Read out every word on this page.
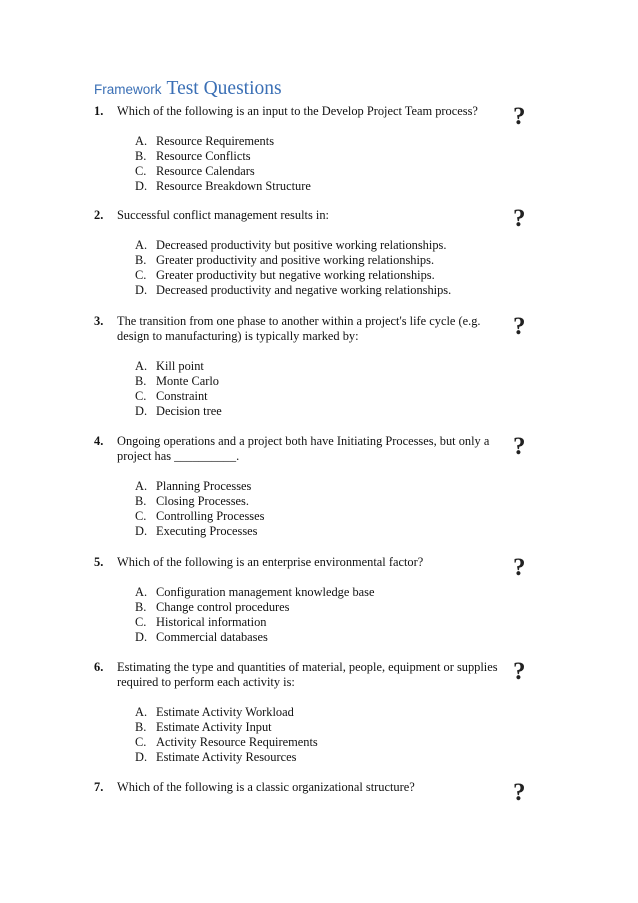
Framework Test Questions
1. Which of the following is an input to the Develop Project Team process?	?
A. Resource Requirements
B. Resource Conflicts
C. Resource Calendars
D. Resource Breakdown Structure
2. Successful conflict management results in:	?
A. Decreased productivity but positive working relationships.
B. Greater productivity and positive working relationships.
C. Greater productivity but negative working relationships.
D. Decreased productivity and negative working relationships.
3. The transition from one phase to another within a project's life cycle (e.g. design to manufacturing) is typically marked by:	?
A. Kill point
B. Monte Carlo
C. Constraint
D. Decision tree
4. Ongoing operations and a project both have Initiating Processes, but only a project has __________.	?
A. Planning Processes
B. Closing Processes.
C. Controlling Processes
D. Executing Processes
5. Which of the following is an enterprise environmental factor?	?
A. Configuration management knowledge base
B. Change control procedures
C. Historical information
D. Commercial databases
6. Estimating the type and quantities of material, people, equipment or supplies required to perform each activity is:	?
A. Estimate Activity Workload
B. Estimate Activity Input
C. Activity Resource Requirements
D. Estimate Activity Resources
7. Which of the following is a classic organizational structure?	?
